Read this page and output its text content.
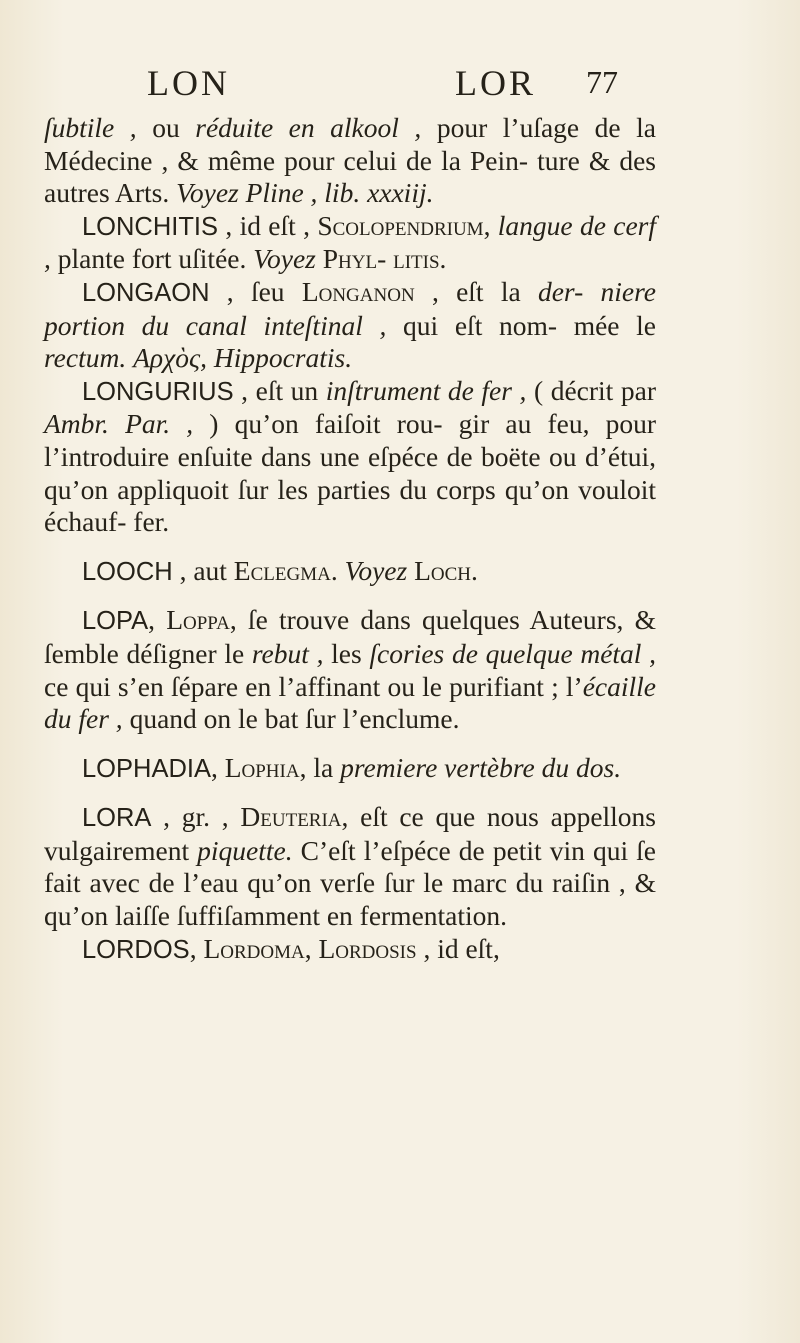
LON	LOR 77

ſubtile , ou réduite en alkool , pour l’uſage de la Médecine , & même pour celui de la Pein- ture & des autres Arts. Voyez Pline , lib. xxxiij.

LONCHITIS , id eſt , Scolopendrium, langue de cerf , plante fort uſitée. Voyez Phyl- litis.

LONGAON , ſeu Longanon , eſt la der- niere portion du canal inteſtinal , qui eſt nom- mée le rectum. Αρχὸς, Hippocratis.

LONGURIUS , eſt un inſtrument de fer , ( décrit par Ambr. Par. , ) qu’on faiſoit rou- gir au feu, pour l’introduire enſuite dans une eſpéce de boëte ou d’étui, qu’on appliquoit ſur les parties du corps qu’on vouloit échauf- fer.

LOOCH , aut Eclegma. Voyez Loch.

LOPA, Loppa, ſe trouve dans quelques Auteurs, & ſemble déſigner le rebut , les ſcories de quelque métal , ce qui s’en ſépare en l’affinant ou le purifiant ; l’écaille du fer , quand on le bat ſur l’enclume.

LOPHADIA, Lophia, la premiere vertèbre du dos.

LORA , gr. , Deuteria, eſt ce que nous appellons vulgairement piquette. C’eſt l’eſpéce de petit vin qui ſe fait avec de l’eau qu’on verſe ſur le marc du raiſin , & qu’on laiſſe ſuffiſamment en fermentation.

LORDOS, Lordoma, Lordosis , id eſt,
